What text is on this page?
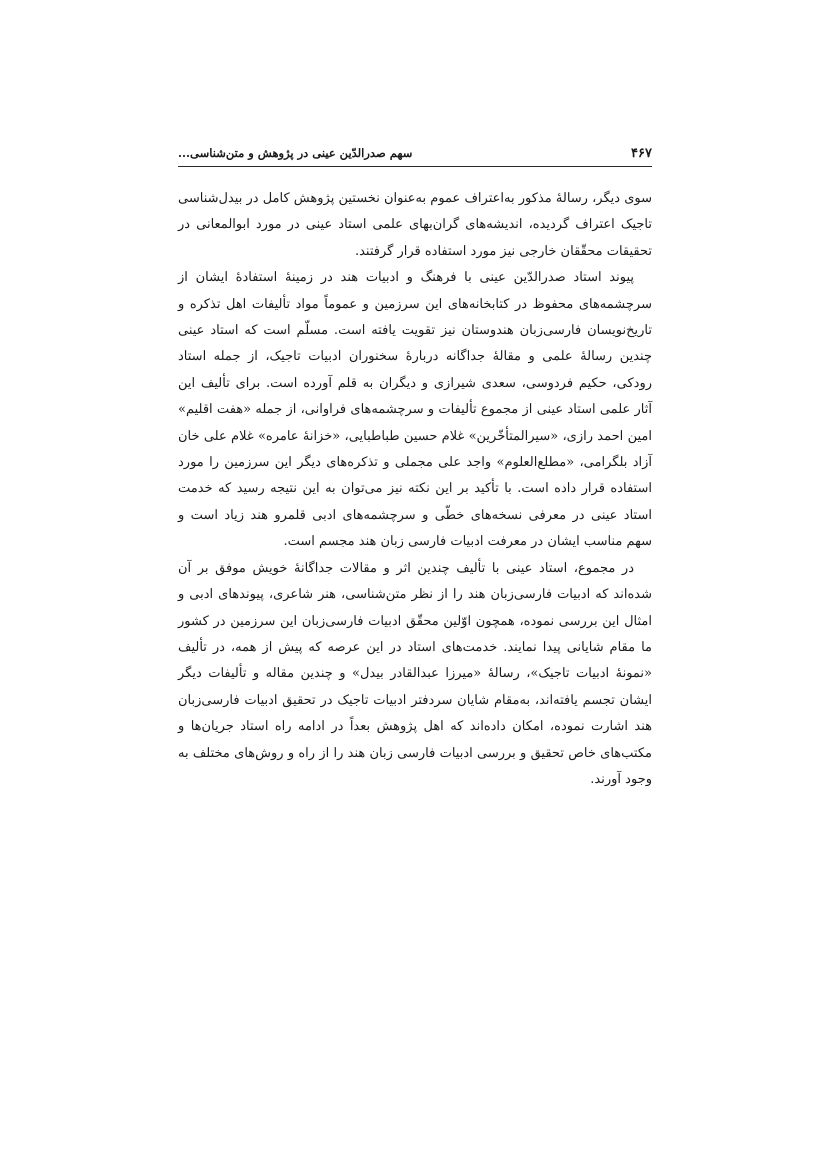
۴۶۷
سهم صدرالدّین عینی در پژوهش و متن‌شناسی...

سوی دیگر، رسالهٔ مذکور به‌اعتراف عموم به‌عنوان نخستین پژوهش کامل در بیدل‌شناسی تاجیک اعتراف گردیده، اندیشه‌های گران‌بهای علمی استاد عینی در مورد ابوالمعانی در تحقیقات محقّقان خارجی نیز مورد استفاده قرار گرفتند.

پیوند استاد صدرالدّین عینی با فرهنگ و ادبیات هند در زمینهٔ استفادهٔ ایشان از سرچشمه‌های محفوظ در کتابخانه‌های این سرزمین و عموماً مواد تألیفات اهل تذکره و تاریخ‌نویسان فارسی‌زبان هندوستان نیز تقویت یافته است. مسلّم است که استاد عینی چندین رسالهٔ علمی و مقالهٔ جداگانه دربارهٔ سخنوران ادبیات تاجیک، از جمله استاد رودکی، حکیم فردوسی، سعدی شیرازی و دیگران به قلم آورده است. برای تألیف این آثار علمی استاد عینی از مجموع تألیفات و سرچشمه‌های فراوانی، از جمله «هفت اقلیم» امین احمد رازی، «سیرالمتأخّرین» غلام حسین طباطبایی، «خزانهٔ عامره» غلام علی خان آزاد بلگرامی، «مطلع‌العلوم» واجد علی مجملی و تذکره‌های دیگر این سرزمین را مورد استفاده قرار داده است. با تأکید بر این نکته نیز می‌توان به این نتیجه رسید که خدمت استاد عینی در معرفی نسخه‌های خطّی و سرچشمه‌های ادبی قلمرو هند زیاد است و سهم مناسب ایشان در معرفت ادبیات فارسی زبان هند مجسم است.

در مجموع، استاد عینی با تألیف چندین اثر و مقالات جداگانهٔ خویش موفق بر آن شده‌اند که ادبیات فارسی‌زبان هند را از نظر متن‌شناسی، هنر شاعری، پیوندهای ادبی و امثال این بررسی نموده، همچون اوّلین محقّق ادبیات فارسی‌زبان این سرزمین در کشور ما مقام شایانی پیدا نمایند. خدمت‌های استاد در این عرصه که پیش از همه، در تألیف «نمونهٔ ادبیات تاجیک»، رسالهٔ «میرزا عبدالقادر بیدل» و چندین مقاله و تألیفات دیگر ایشان تجسم یافته‌اند، به‌مقام شایان سردفتر ادبیات تاجیک در تحقیق ادبیات فارسی‌زبان هند اشارت نموده، امکان داده‌اند که اهل پژوهش بعداً در ادامه راه استاد جریان‌ها و مکتب‌های خاص تحقیق و بررسی ادبیات فارسی زبان هند را از راه و روش‌های مختلف به وجود آورند.
